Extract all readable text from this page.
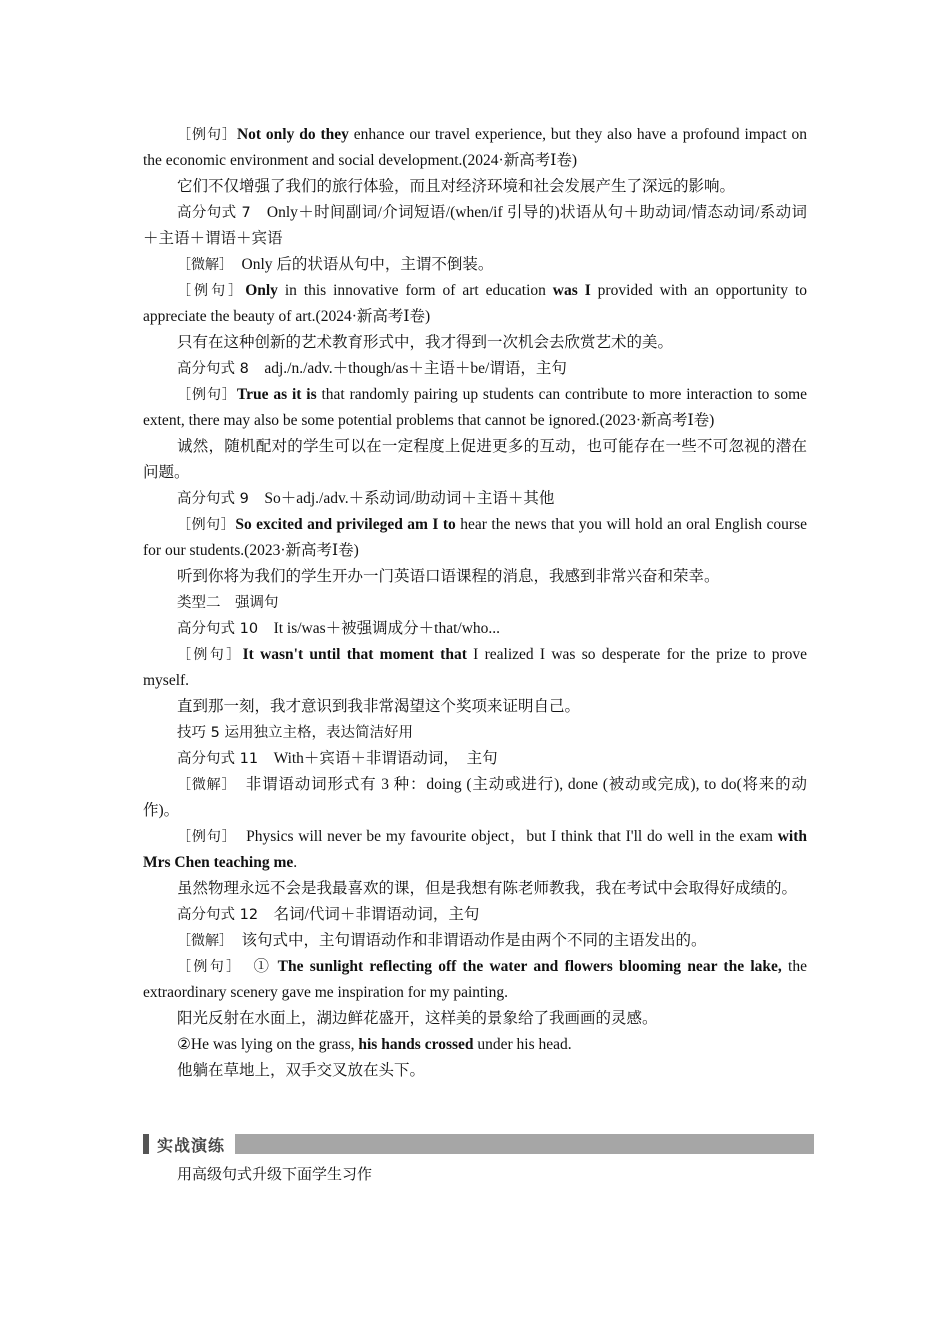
［例句］Not only do they enhance our travel experience, but they also have a profound impact on the economic environment and social development.(2024·新高考Ⅰ卷)

它们不仅增强了我们的旅行体验，而且对经济环境和社会发展产生了深远的影响。

高分句式 7　Only＋时间副词/介词短语/(when/if 引导的)状语从句＋助动词/情态动词/系动词＋主语＋谓语＋宾语

［微解］　Only 后的状语从句中，主谓不倒装。

［例句］Only in this innovative form of art education was I provided with an opportunity to appreciate the beauty of art.(2024·新高考Ⅰ卷)

只有在这种创新的艺术教育形式中，我才得到一次机会去欣赏艺术的美。

高分句式 8　adj./n./adv.＋though/as＋主语＋be/谓语，主句

［例句］True as it is that randomly pairing up students can contribute to more interaction to some extent, there may also be some potential problems that cannot be ignored.(2023·新高考Ⅰ卷)

诚然，随机配对的学生可以在一定程度上促进更多的互动，也可能存在一些不可忽视的潜在问题。

高分句式 9　So＋adj./adv.＋系动词/助动词＋主语＋其他

［例句］So excited and privileged am I to hear the news that you will hold an oral English course for our students.(2023·新高考Ⅰ卷)

听到你将为我们的学生开办一门英语口语课程的消息，我感到非常兴奋和荣幸。

类型二　强调句

高分句式 10　It is/was＋被强调成分＋that/who...

［例句］It wasn't until that moment that I realized I was so desperate for the prize to prove myself.

直到那一刻，我才意识到我非常渴望这个奖项来证明自己。

技巧 5 运用独立主格，表达简洁好用

高分句式 11　With＋宾语＋非谓语动词，　主句

［微解］　非谓语动词形式有 3 种：doing (主动或进行), done (被动或完成), to do(将来的动作)。

［例句］　Physics will never be my favourite object，but I think that I'll do well in the exam with Mrs Chen teaching me.

虽然物理永远不会是我最喜欢的课，但是我想有陈老师教我，我在考试中会取得好成绩的。

高分句式 12　名词/代词＋非谓语动词，主句

［微解］　该句式中，主句谓语动作和非谓语动作是由两个不同的主语发出的。

［例句］　① The sunlight reflecting off the water and flowers blooming near the lake, the extraordinary scenery gave me inspiration for my painting.

阳光反射在水面上，湖边鲜花盛开，这样美的景象给了我画画的灵感。

②He was lying on the grass, his hands crossed under his head.

他躺在草地上，双手交叉放在头下。

实战演练
用高级句式升级下面学生习作
